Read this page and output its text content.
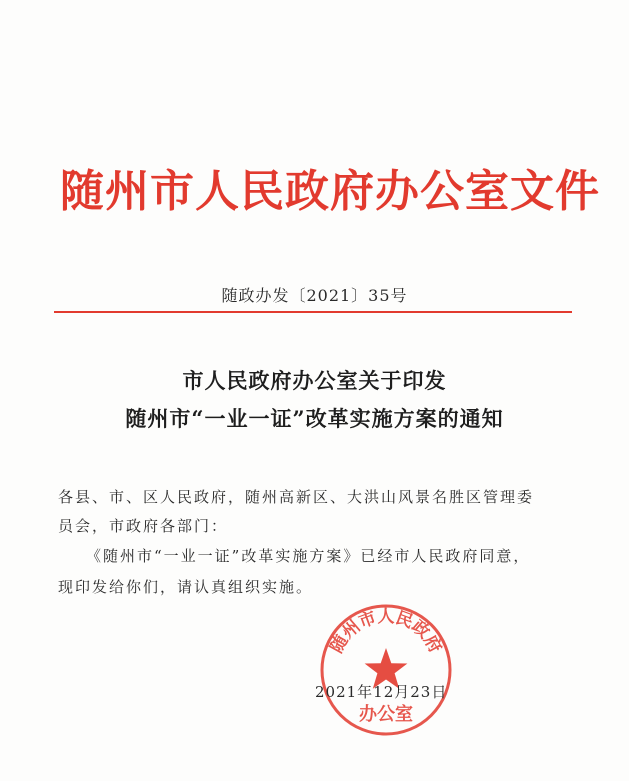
随州市人民政府办公室文件
随政办发〔2021〕35号
市人民政府办公室关于印发
随州市“一业一证”改革实施方案的通知
各县、市、区人民政府，随州高新区、大洪山风景名胜区管理委
员会，市政府各部门：
《随州市“一业一证”改革实施方案》已经市人民政府同意，
现印发给你们，请认真组织实施。
随州市人民政府
办公室
2021年12月23日
